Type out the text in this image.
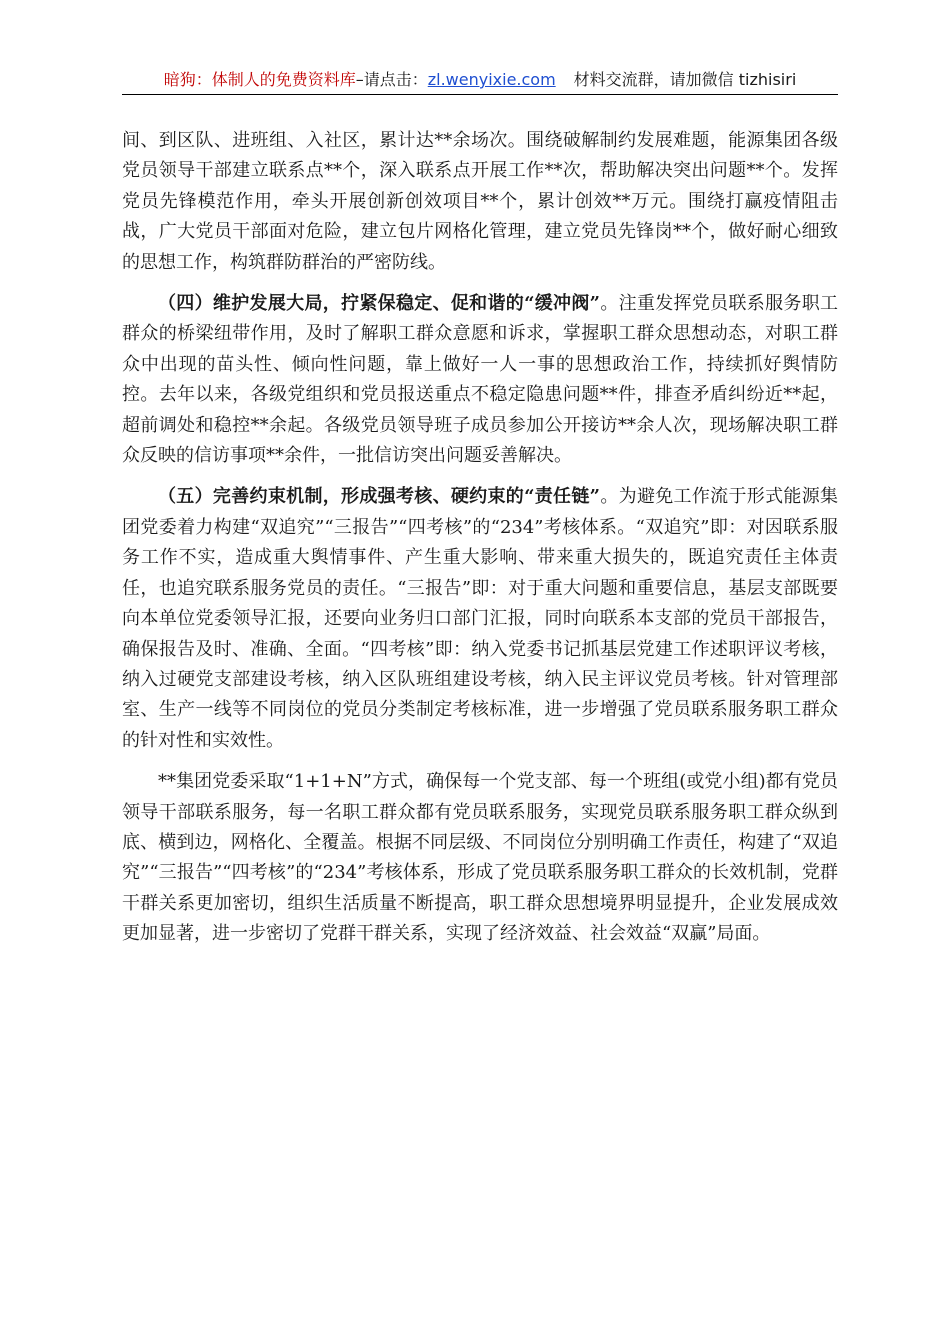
暗狗：体制人的免费资料库–请点击：zl.wenyixie.com 材料交流群，请加微信 tizhisiri

间、到区队、进班组、入社区，累计达**余场次。围绕破解制约发展难题，能源集团各级党员领导干部建立联系点**个，深入联系点开展工作**次，帮助解决突出问题**个。发挥党员先锋模范作用，牵头开展创新创效项目**个，累计创效**万元。围绕打赢疫情阻击战，广大党员干部面对危险，建立包片网格化管理，建立党员先锋岗**个，做好耐心细致的思想工作，构筑群防群治的严密防线。

（四）维护发展大局，拧紧保稳定、促和谐的“缓冲阀”。注重发挥党员联系服务职工群众的桥梁纽带作用，及时了解职工群众意愿和诉求，掌握职工群众思想动态，对职工群众中出现的苗头性、倾向性问题，靠上做好一人一事的思想政治工作，持续抓好舆情防控。去年以来，各级党组织和党员报送重点不稳定隐患问题**件，排查矛盾纠纷近**起，超前调处和稳控**余起。各级党员领导班子成员参加公开接访**余人次，现场解决职工群众反映的信访事项**余件，一批信访突出问题妥善解决。

（五）完善约束机制，形成强考核、硬约束的“责任链”。为避免工作流于形式能源集团党委着力构建“双追究”“三报告”“四考核”的“234”考核体系。“双追究”即：对因联系服务工作不实，造成重大舆情事件、产生重大影响、带来重大损失的，既追究责任主体责任，也追究联系服务党员的责任。“三报告”即：对于重大问题和重要信息，基层支部既要向本单位党委领导汇报，还要向业务归口部门汇报，同时向联系本支部的党员干部报告，确保报告及时、准确、全面。“四考核”即：纳入党委书记抓基层党建工作述职评议考核，纳入过硬党支部建设考核，纳入区队班组建设考核，纳入民主评议党员考核。针对管理部室、生产一线等不同岗位的党员分类制定考核标准，进一步增强了党员联系服务职工群众的针对性和实效性。

**集团党委采取“1+1+N”方式，确保每一个党支部、每一个班组(或党小组)都有党员领导干部联系服务，每一名职工群众都有党员联系服务，实现党员联系服务职工群众纵到底、横到边，网格化、全覆盖。根据不同层级、不同岗位分别明确工作责任，构建了“双追究”“三报告”“四考核”的“234”考核体系，形成了党员联系服务职工群众的长效机制，党群干群关系更加密切，组织生活质量不断提高，职工群众思想境界明显提升，企业发展成效更加显著，进一步密切了党群干群关系，实现了经济效益、社会效益“双赢”局面。
